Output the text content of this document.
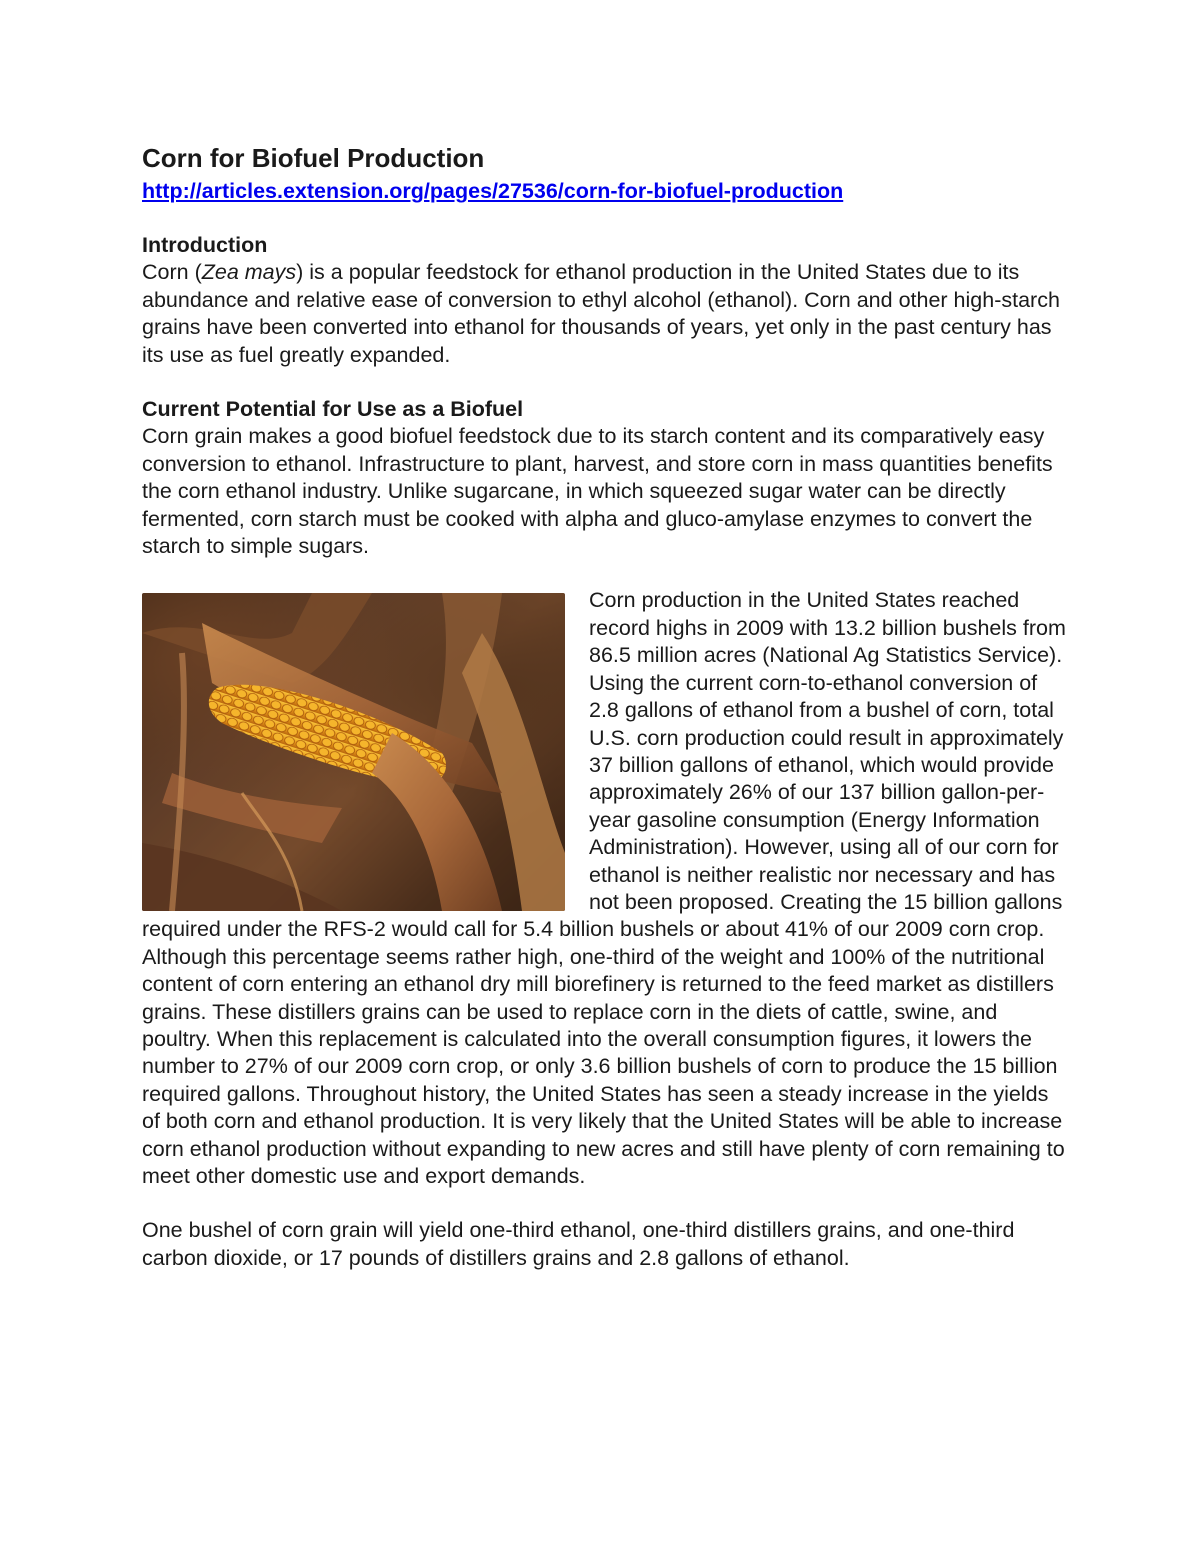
Corn for Biofuel Production
http://articles.extension.org/pages/27536/corn-for-biofuel-production
Introduction

Corn (Zea mays) is a popular feedstock for ethanol production in the United States due to its abundance and relative ease of conversion to ethyl alcohol (ethanol). Corn and other high-starch grains have been converted into ethanol for thousands of years, yet only in the past century has its use as fuel greatly expanded.

Current Potential for Use as a Biofuel

Corn grain makes a good biofuel feedstock due to its starch content and its comparatively easy conversion to ethanol. Infrastructure to plant, harvest, and store corn in mass quantities benefits the corn ethanol industry. Unlike sugarcane, in which squeezed sugar water can be directly fermented, corn starch must be cooked with alpha and gluco-amylase enzymes to convert the starch to simple sugars.

Corn production in the United States reached record highs in 2009 with 13.2 billion bushels from 86.5 million acres (National Ag Statistics Service). Using the current corn-to-ethanol conversion of 2.8 gallons of ethanol from a bushel of corn, total U.S. corn production could result in approximately 37 billion gallons of ethanol, which would provide approximately 26% of our 137 billion gallon-per-year gasoline consumption (Energy Information Administration). However, using all of our corn for ethanol is neither realistic nor necessary and has not been proposed. Creating the 15 billion gallons required under the RFS-2 would call for 5.4 billion bushels or about 41% of our 2009 corn crop. Although this percentage seems rather high, one-third of the weight and 100% of the nutritional content of corn entering an ethanol dry mill biorefinery is returned to the feed market as distillers grains. These distillers grains can be used to replace corn in the diets of cattle, swine, and poultry. When this replacement is calculated into the overall consumption figures, it lowers the number to 27% of our 2009 corn crop, or only 3.6 billion bushels of corn to produce the 15 billion required gallons. Throughout history, the United States has seen a steady increase in the yields of both corn and ethanol production. It is very likely that the United States will be able to increase corn ethanol production without expanding to new acres and still have plenty of corn remaining to meet other domestic use and export demands.

One bushel of corn grain will yield one-third ethanol, one-third distillers grains, and one-third carbon dioxide, or 17 pounds of distillers grains and 2.8 gallons of ethanol.
